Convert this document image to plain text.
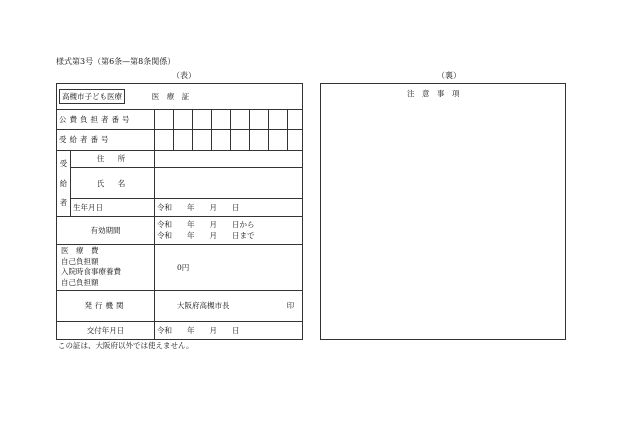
様式第3号（第6条—第8条関係）
（表）	（裏）
高槻市子ども医療 医　療　証									
公費負担者番号									
受給者番号									

受
給
者	住　所								
	氏　名								
	生年月日	令和　　年　　月　　日							
有効期間		令和　　年　　月　　日から
令和　　年　　月　　日まで							

医　療　費
自己負担額
入院時食事療養費
自己負担額		0円							
発行機関		大阪府高槻市長 印							

交付年月日		令和　　年　　月　　日							
この証は、大阪府以外では使えません。
注　意　事　項
